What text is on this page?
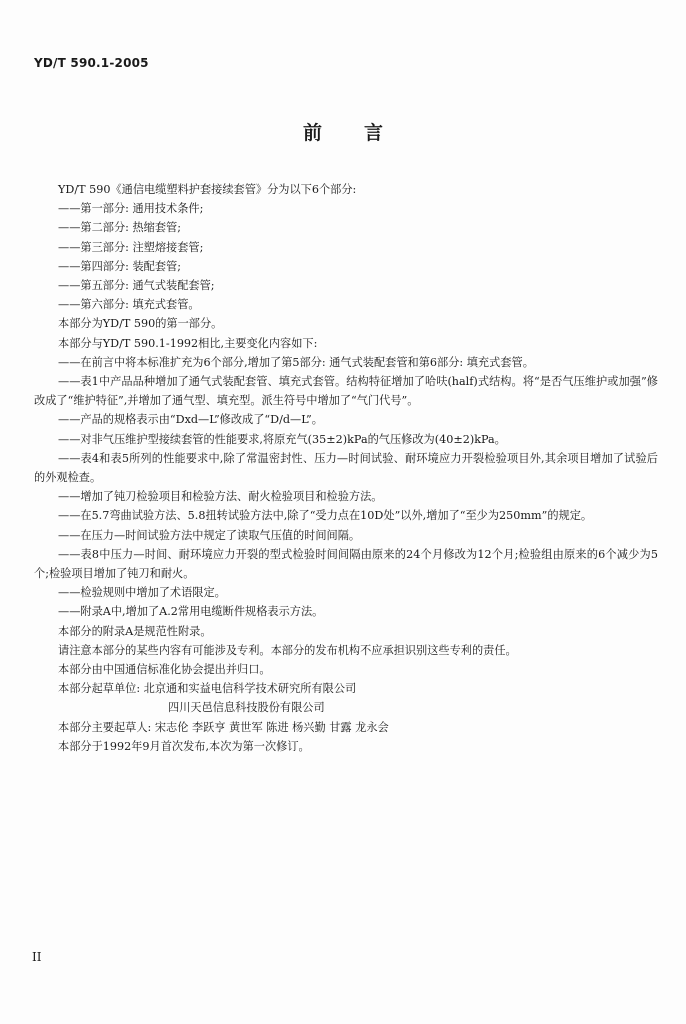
YD/T 590.1-2005
前言

YD/T 590《通信电缆塑料护套接续套管》分为以下6个部分:

——第一部分: 通用技术条件;

——第二部分: 热缩套管;

——第三部分: 注塑熔接套管;

——第四部分: 装配套管;

——第五部分: 通气式装配套管;

——第六部分: 填充式套管。

本部分为YD/T 590的第一部分。

本部分与YD/T 590.1-1992相比,主要变化内容如下:

——在前言中将本标准扩充为6个部分,增加了第5部分: 通气式装配套管和第6部分: 填充式套管。

——表1中产品品种增加了通气式装配套管、填充式套管。结构特征增加了哈呋(half)式结构。将“是否气压维护或加强”修改成了“维护特征”,并增加了通气型、填充型。派生符号中增加了“气门代号”。

——产品的规格表示由“Dxd—L”修改成了“D/d—L”。

——对非气压维护型接续套管的性能要求,将原充气(35±2)kPa的气压修改为(40±2)kPa。

——表4和表5所列的性能要求中,除了常温密封性、压力—时间试验、耐环境应力开裂检验项目外,其余项目增加了试验后的外观检查。

——增加了钝刀检验项目和检验方法、耐火检验项目和检验方法。

——在5.7弯曲试验方法、5.8扭转试验方法中,除了“受力点在10D处”以外,增加了“至少为250mm”的规定。

——在压力—时间试验方法中规定了读取气压值的时间间隔。

——表8中压力—时间、耐环境应力开裂的型式检验时间间隔由原来的24个月修改为12个月;检验组由原来的6个减少为5个;检验项目增加了钝刀和耐火。

——检验规则中增加了术语限定。

——附录A中,增加了A.2常用电缆断件规格表示方法。

本部分的附录A是规范性附录。

请注意本部分的某些内容有可能涉及专利。本部分的发布机构不应承担识别这些专利的责任。

本部分由中国通信标准化协会提出并归口。

本部分起草单位: 北京通和实益电信科学技术研究所有限公司

四川天邑信息科技股份有限公司

本部分主要起草人: 宋志伦 李跃亨 黄世军 陈进 杨兴勤 甘露 龙永会

本部分于1992年9月首次发布,本次为第一次修订。

II
